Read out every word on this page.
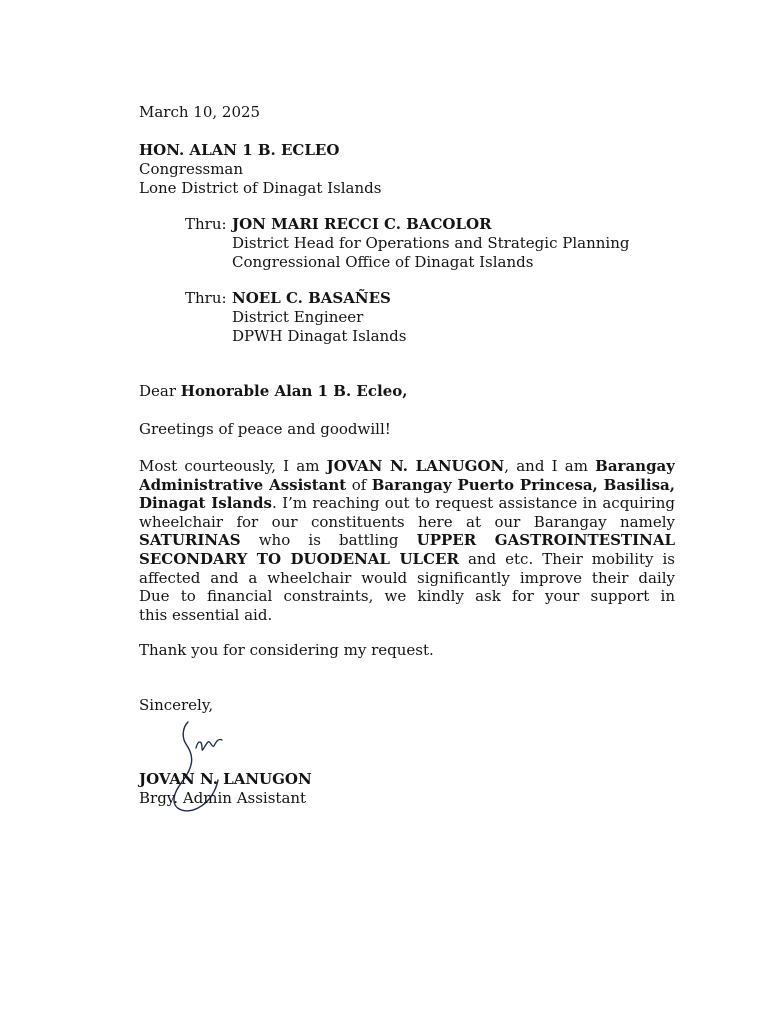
March 10, 2025
HON. ALAN 1 B. ECLEO
Congressman
Lone District of Dinagat Islands
Thru: JON MARI RECCI C. BACOLOR
District Head for Operations and Strategic Planning
Congressional Office of Dinagat Islands
Thru: NOEL C. BASAÑES
District Engineer
DPWH Dinagat Islands
Dear Honorable Alan 1 B. Ecleo,
Greetings of peace and goodwill!
Most courteously, I am JOVAN N. LANUGON, and I am Barangay
Administrative Assistant of Barangay Puerto Princesa, Basilisa,
Dinagat Islands. I’m reaching out to request assistance in acquiring
wheelchair for our constituents here at our Barangay namely
SATURINAS who is battling UPPER GASTROINTESTINAL
SECONDARY TO DUODENAL ULCER and etc. Their mobility is
affected and a wheelchair would significantly improve their daily
Due to financial constraints, we kindly ask for your support in
this essential aid.
Thank you for considering my request.
Sincerely,
JOVAN N. LANUGON
Brgy. Admin Assistant
